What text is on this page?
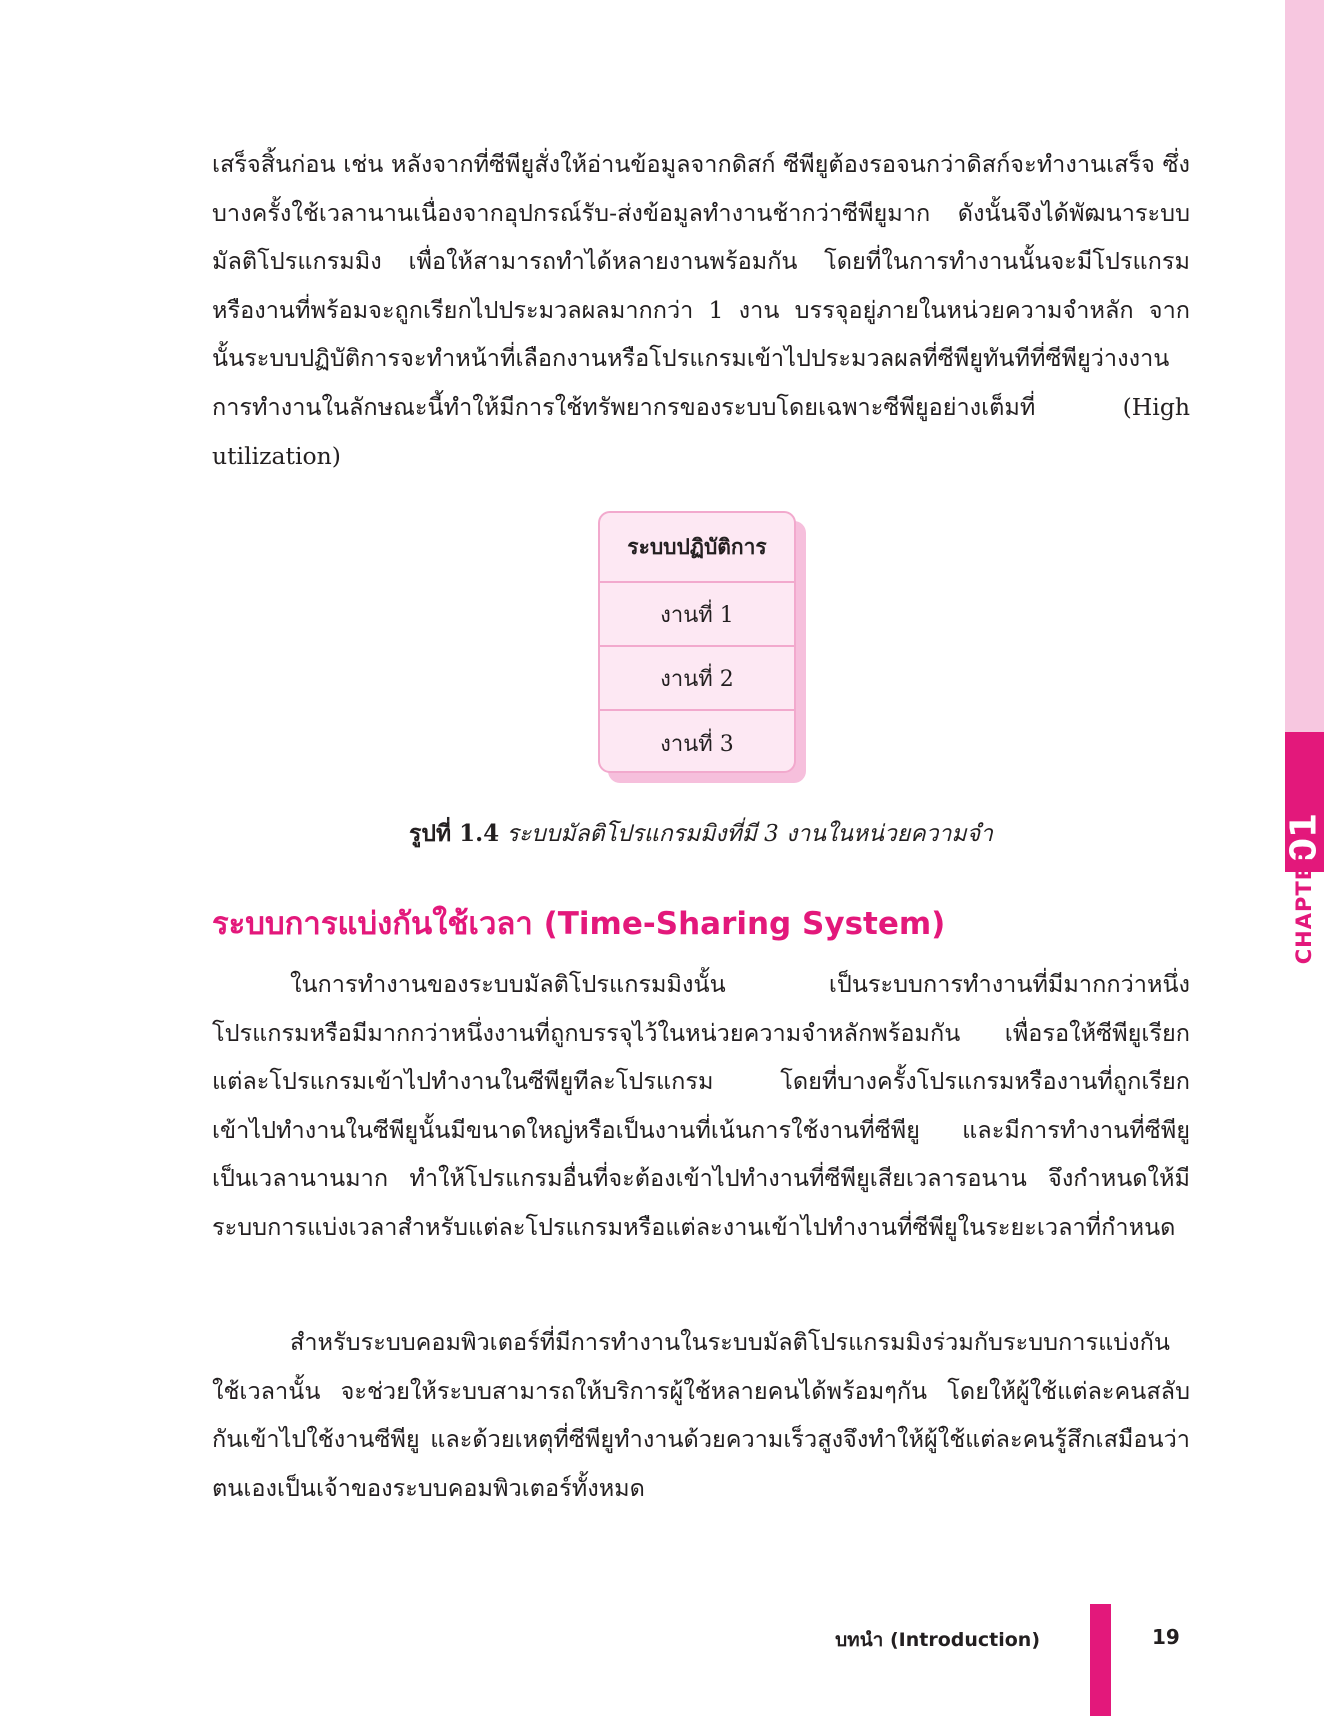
01
CHAPTER

เสร็จสิ้นก่อน เช่น หลังจากที่ซีพียูสั่งให้อ่านข้อมูลจากดิสก์ ซีพียูต้องรอจนกว่าดิสก์จะทำงานเสร็จ ซึ่งบางครั้งใช้เวลานานเนื่องจากอุปกรณ์รับ-ส่งข้อมูลทำงานช้ากว่าซีพียูมาก ดังนั้นจึงได้พัฒนาระบบมัลติโปรแกรมมิง เพื่อให้สามารถทำได้หลายงานพร้อมกัน โดยที่ในการทำงานนั้นจะมีโปรแกรมหรืองานที่พร้อมจะถูกเรียกไปประมวลผลมากกว่า 1 งาน บรรจุอยู่ภายในหน่วยความจำหลัก จากนั้นระบบปฏิบัติการจะทำหน้าที่เลือกงานหรือโปรแกรมเข้าไปประมวลผลที่ซีพียูทันทีที่ซีพียูว่างงาน การทำงานในลักษณะนี้ทำให้มีการใช้ทรัพยากรของระบบโดยเฉพาะซีพียูอย่างเต็มที่ (High utilization)

ระบบปฏิบัติการ
งานที่ 1
งานที่ 2
งานที่ 3
รูปที่ 1.4 ระบบมัลติโปรแกรมมิงที่มี 3 งานในหน่วยความจำ
ระบบการแบ่งกันใช้เวลา (Time-Sharing System)

ในการทำงานของระบบมัลติโปรแกรมมิงนั้น เป็นระบบการทำงานที่มีมากกว่าหนึ่งโปรแกรมหรือมีมากกว่าหนึ่งงานที่ถูกบรรจุไว้ในหน่วยความจำหลักพร้อมกัน เพื่อรอให้ซีพียูเรียกแต่ละโปรแกรมเข้าไปทำงานในซีพียูทีละโปรแกรม โดยที่บางครั้งโปรแกรมหรืองานที่ถูกเรียกเข้าไปทำงานในซีพียูนั้นมีขนาดใหญ่หรือเป็นงานที่เน้นการใช้งานที่ซีพียู และมีการทำงานที่ซีพียูเป็นเวลานานมาก ทำให้โปรแกรมอื่นที่จะต้องเข้าไปทำงานที่ซีพียูเสียเวลารอนาน จึงกำหนดให้มีระบบการแบ่งเวลาสำหรับแต่ละโปรแกรมหรือแต่ละงานเข้าไปทำงานที่ซีพียูในระยะเวลาที่กำหนด

สำหรับระบบคอมพิวเตอร์ที่มีการทำงานในระบบมัลติโปรแกรมมิงร่วมกับระบบการแบ่งกันใช้เวลานั้น จะช่วยให้ระบบสามารถให้บริการผู้ใช้หลายคนได้พร้อมๆกัน โดยให้ผู้ใช้แต่ละคนสลับกันเข้าไปใช้งานซีพียู และด้วยเหตุที่ซีพียูทำงานด้วยความเร็วสูงจึงทำให้ผู้ใช้แต่ละคนรู้สึกเสมือนว่าตนเองเป็นเจ้าของระบบคอมพิวเตอร์ทั้งหมด

บทนำ (Introduction)	19
